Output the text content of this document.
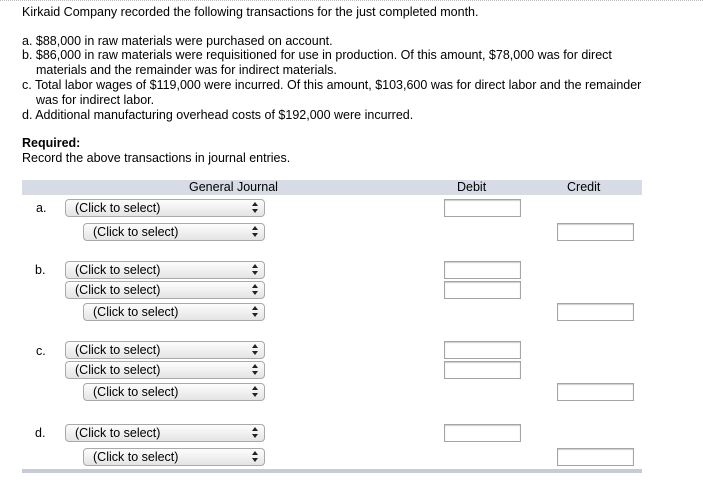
Kirkaid Company recorded the following transactions for the just completed month.
a. $88,000 in raw materials were purchased on account.
b. $86,000 in raw materials were requisitioned for use in production. Of this amount, $78,000 was for direct materials and the remainder was for indirect materials.
c. Total labor wages of $119,000 were incurred. Of this amount, $103,600 was for direct labor and the remainder was for indirect labor.
d. Additional manufacturing overhead costs of $192,000 were incurred.
Required:
Record the above transactions in journal entries.
General Journal	Debit	Credit
a.	(Click to select)
(Click to select)
b.	(Click to select)
(Click to select)
(Click to select)
c.	(Click to select)
(Click to select)
(Click to select)
d.	(Click to select)
(Click to select)
